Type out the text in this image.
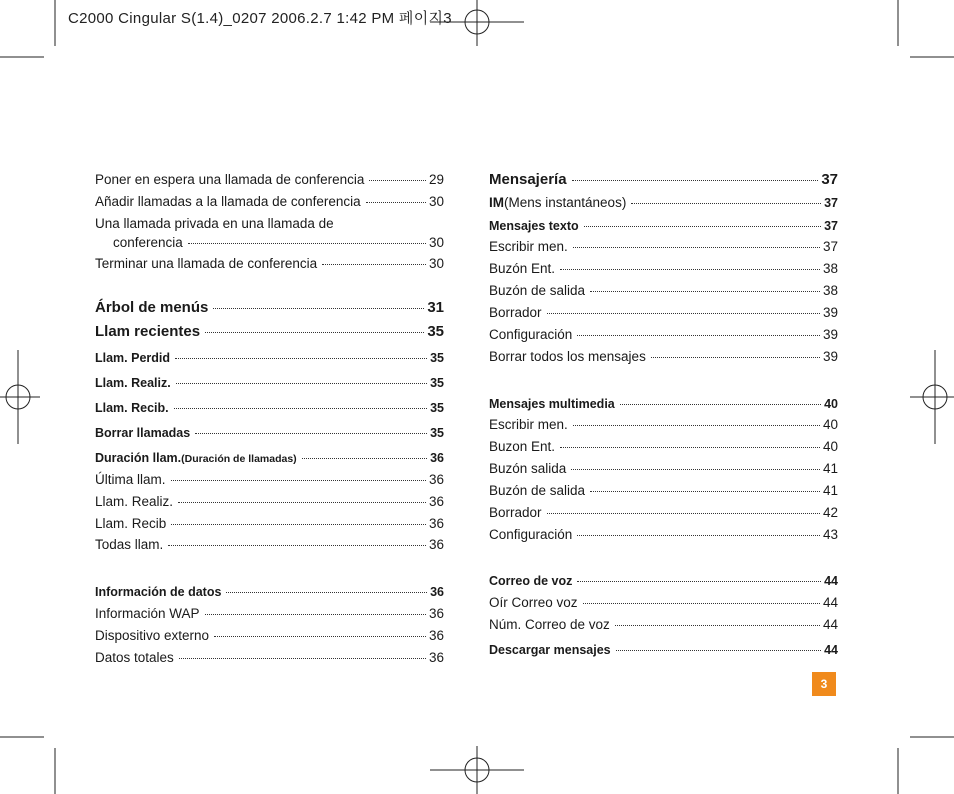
C2000 Cingular S(1.4)_0207 2006.2.7 1:42 PM 페이지3
Poner en espera una llamada de conferencia	29
Añadir llamadas a la llamada de conferencia	30
Una llamada privada en una llamada de
conferencia	30
Terminar una llamada de conferencia	30
Árbol de menús	31
Llam recientes	35
Llam. Perdid	35
Llam. Realiz.	35
Llam. Recib.	35
Borrar llamadas	35
Duración llam.(Duración de llamadas)	36
Última llam.	36
Llam. Realiz.	36
Llam. Recib	36
Todas llam.	36
Información de datos	36
Información WAP	36
Dispositivo externo	36
Datos totales	36
Mensajería	37
IM(Mens instantáneos)	37
Mensajes texto	37
Escribir men.	37
Buzón Ent.	38
Buzón de salida	38
Borrador	39
Configuración	39
Borrar todos los mensajes	39
Mensajes multimedia	40
Escribir men.	40
Buzon Ent.	40
Buzón salida	41
Buzón de salida	41
Borrador	42
Configuración	43
Correo de voz	44
Oír Correo voz	44
Núm. Correo de voz	44
Descargar mensajes	44
3
